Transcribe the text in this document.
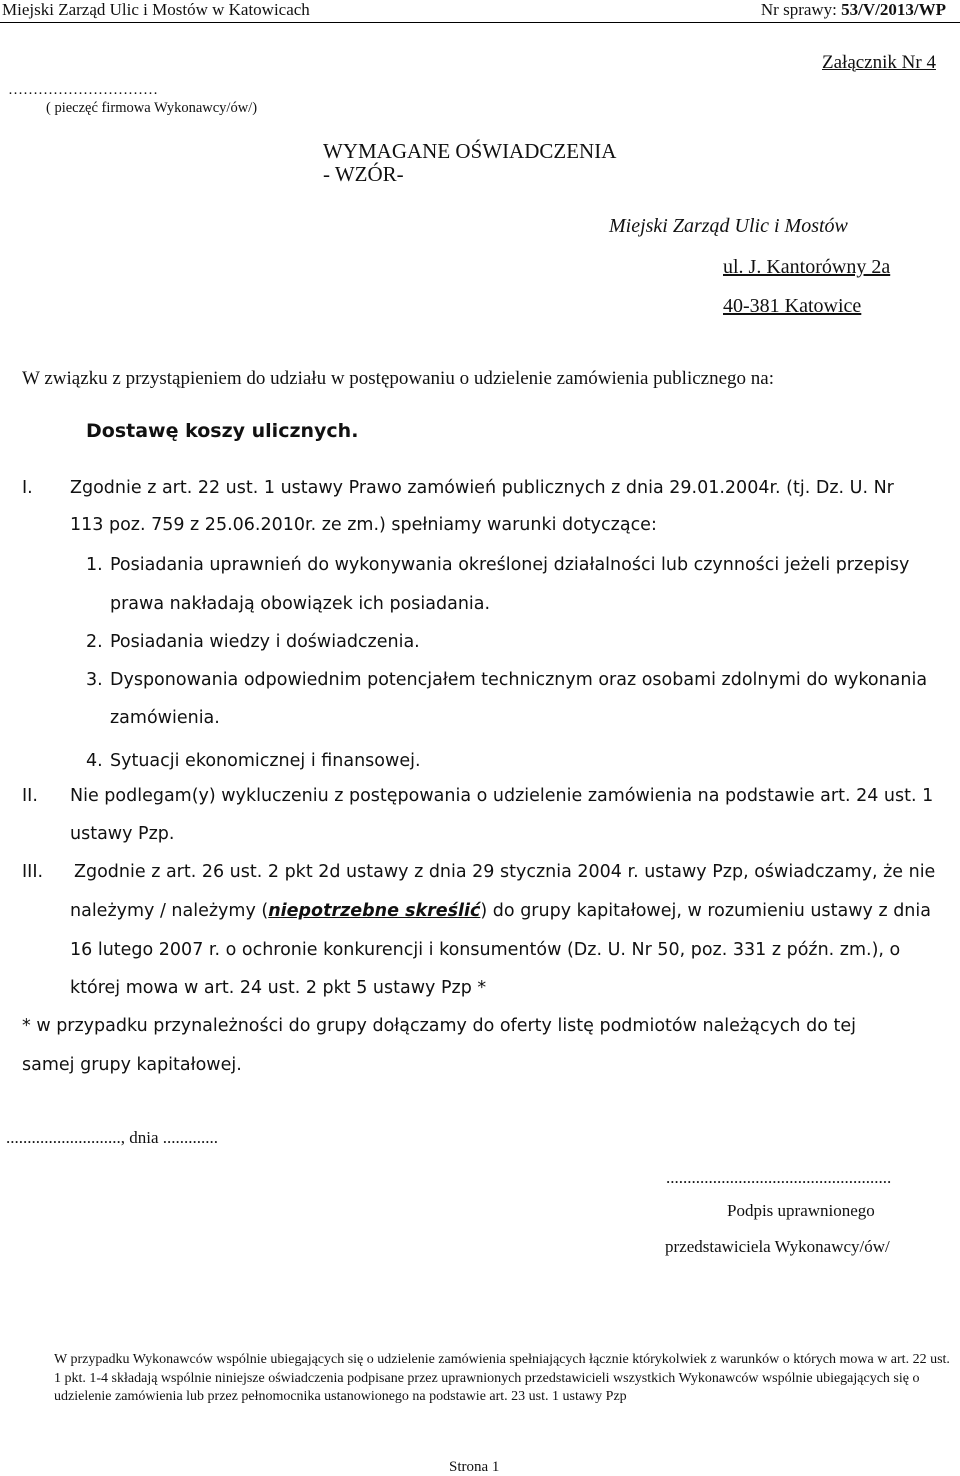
Miejski Zarząd Ulic i Mostów w Katowicach	Nr sprawy: 53/V/2013/WP
…………………………
( pieczęć firmowa Wykonawcy/ów/)
Załącznik Nr 4
WYMAGANE OŚWIADCZENIA
- WZÓR-
Miejski Zarząd Ulic i Mostów
ul. J. Kantorówny 2a
40-381 Katowice
W związku z przystąpieniem do udziału w postępowaniu o udzielenie zamówienia publicznego na:
Dostawę koszy ulicznych.
I. Zgodnie z art. 22 ust. 1 ustawy Prawo zamówień publicznych z dnia 29.01.2004r. (tj. Dz. U. Nr
113 poz. 759 z 25.06.2010r. ze zm.) spełniamy warunki dotyczące:
1. Posiadania uprawnień do wykonywania określonej działalności lub czynności jeżeli przepisy
prawa nakładają obowiązek ich posiadania.
2. Posiadania wiedzy i doświadczenia.
3. Dysponowania odpowiednim potencjałem technicznym oraz osobami zdolnymi do wykonania
zamówienia.
4. Sytuacji ekonomicznej i finansowej.
II. Nie podlegam(y) wykluczeniu z postępowania o udzielenie zamówienia na podstawie art. 24 ust. 1
ustawy Pzp.
III. Zgodnie z art. 26 ust. 2 pkt 2d ustawy z dnia 29 stycznia 2004 r. ustawy Pzp, oświadczamy, że nie
należymy / należymy (niepotrzebne skreślić) do grupy kapitałowej, w rozumieniu ustawy z dnia
16 lutego 2007 r. o ochronie konkurencji i konsumentów (Dz. U. Nr 50, poz. 331 z późn. zm.), o
której mowa w art. 24 ust. 2 pkt 5 ustawy Pzp *
* w przypadku przynależności do grupy dołączamy do oferty listę podmiotów należących do tej
samej grupy kapitałowej.
..........................., dnia .............
.....................................................
Podpis uprawnionego
przedstawiciela Wykonawcy/ów/
W przypadku Wykonawców wspólnie ubiegających się o udzielenie zamówienia spełniających łącznie którykolwiek z warunków o których mowa w art. 22 ust. 1 pkt. 1-4 składają wspólnie niniejsze oświadczenia podpisane przez uprawnionych przedstawicieli wszystkich Wykonawców wspólnie ubiegających się o udzielenie zamówienia lub przez pełnomocnika ustanowionego na podstawie art. 23 ust. 1 ustawy Pzp
Strona 1
